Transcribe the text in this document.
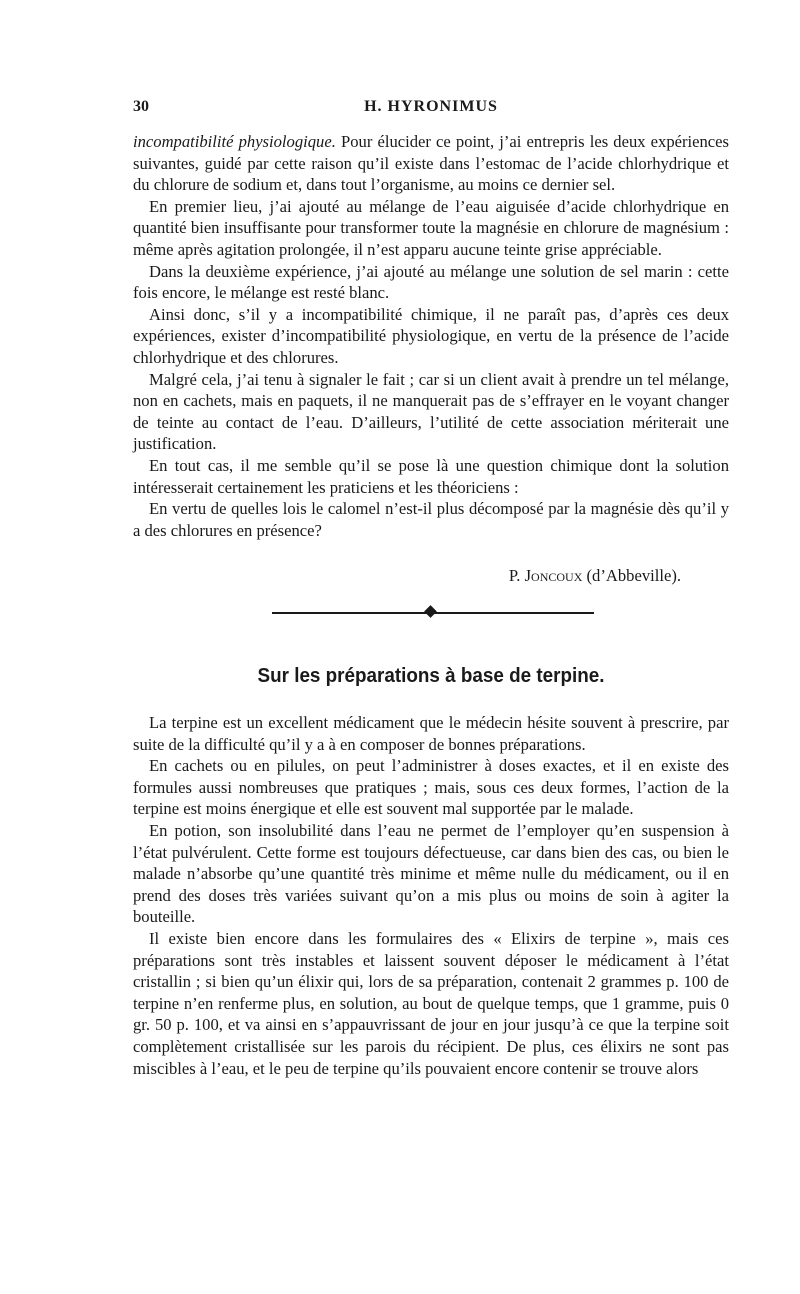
30	H. HYRONIMUS

incompatibilité physiologique. Pour élucider ce point, j’ai entrepris les deux expériences suivantes, guidé par cette raison qu’il existe dans l’estomac de l’acide chlorhydrique et du chlorure de sodium et, dans tout l’organisme, au moins ce dernier sel.

En premier lieu, j’ai ajouté au mélange de l’eau aiguisée d’acide chlorhydrique en quantité bien insuffisante pour transformer toute la magnésie en chlorure de magnésium : même après agitation prolongée, il n’est apparu aucune teinte grise appréciable.

Dans la deuxième expérience, j’ai ajouté au mélange une solution de sel marin : cette fois encore, le mélange est resté blanc.

Ainsi donc, s’il y a incompatibilité chimique, il ne paraît pas, d’après ces deux expériences, exister d’incompatibilité physiologique, en vertu de la présence de l’acide chlorhydrique et des chlorures.

Malgré cela, j’ai tenu à signaler le fait ; car si un client avait à prendre un tel mélange, non en cachets, mais en paquets, il ne manquerait pas de s’effrayer en le voyant changer de teinte au contact de l’eau. D’ailleurs, l’utilité de cette association mériterait une justification.

En tout cas, il me semble qu’il se pose là une question chimique dont la solution intéresserait certainement les praticiens et les théoriciens :

En vertu de quelles lois le calomel n’est-il plus décomposé par la magnésie dès qu’il y a des chlorures en présence?

P. Joncoux (d’Abbeville).
Sur les préparations à base de terpine.

La terpine est un excellent médicament que le médecin hésite souvent à prescrire, par suite de la difficulté qu’il y a à en composer de bonnes préparations.

En cachets ou en pilules, on peut l’administrer à doses exactes, et il en existe des formules aussi nombreuses que pratiques ; mais, sous ces deux formes, l’action de la terpine est moins énergique et elle est souvent mal supportée par le malade.

En potion, son insolubilité dans l’eau ne permet de l’employer qu’en suspension à l’état pulvérulent. Cette forme est toujours défectueuse, car dans bien des cas, ou bien le malade n’absorbe qu’une quantité très minime et même nulle du médicament, ou il en prend des doses très variées suivant qu’on a mis plus ou moins de soin à agiter la bouteille.

Il existe bien encore dans les formulaires des « Elixirs de terpine », mais ces préparations sont très instables et laissent souvent déposer le médicament à l’état cristallin ; si bien qu’un élixir qui, lors de sa préparation, contenait 2 grammes p. 100 de terpine n’en renferme plus, en solution, au bout de quelque temps, que 1 gramme, puis 0 gr. 50 p. 100, et va ainsi en s’appauvrissant de jour en jour jusqu’à ce que la terpine soit complètement cristallisée sur les parois du récipient. De plus, ces élixirs ne sont pas miscibles à l’eau, et le peu de terpine qu’ils pouvaient encore contenir se trouve alors
